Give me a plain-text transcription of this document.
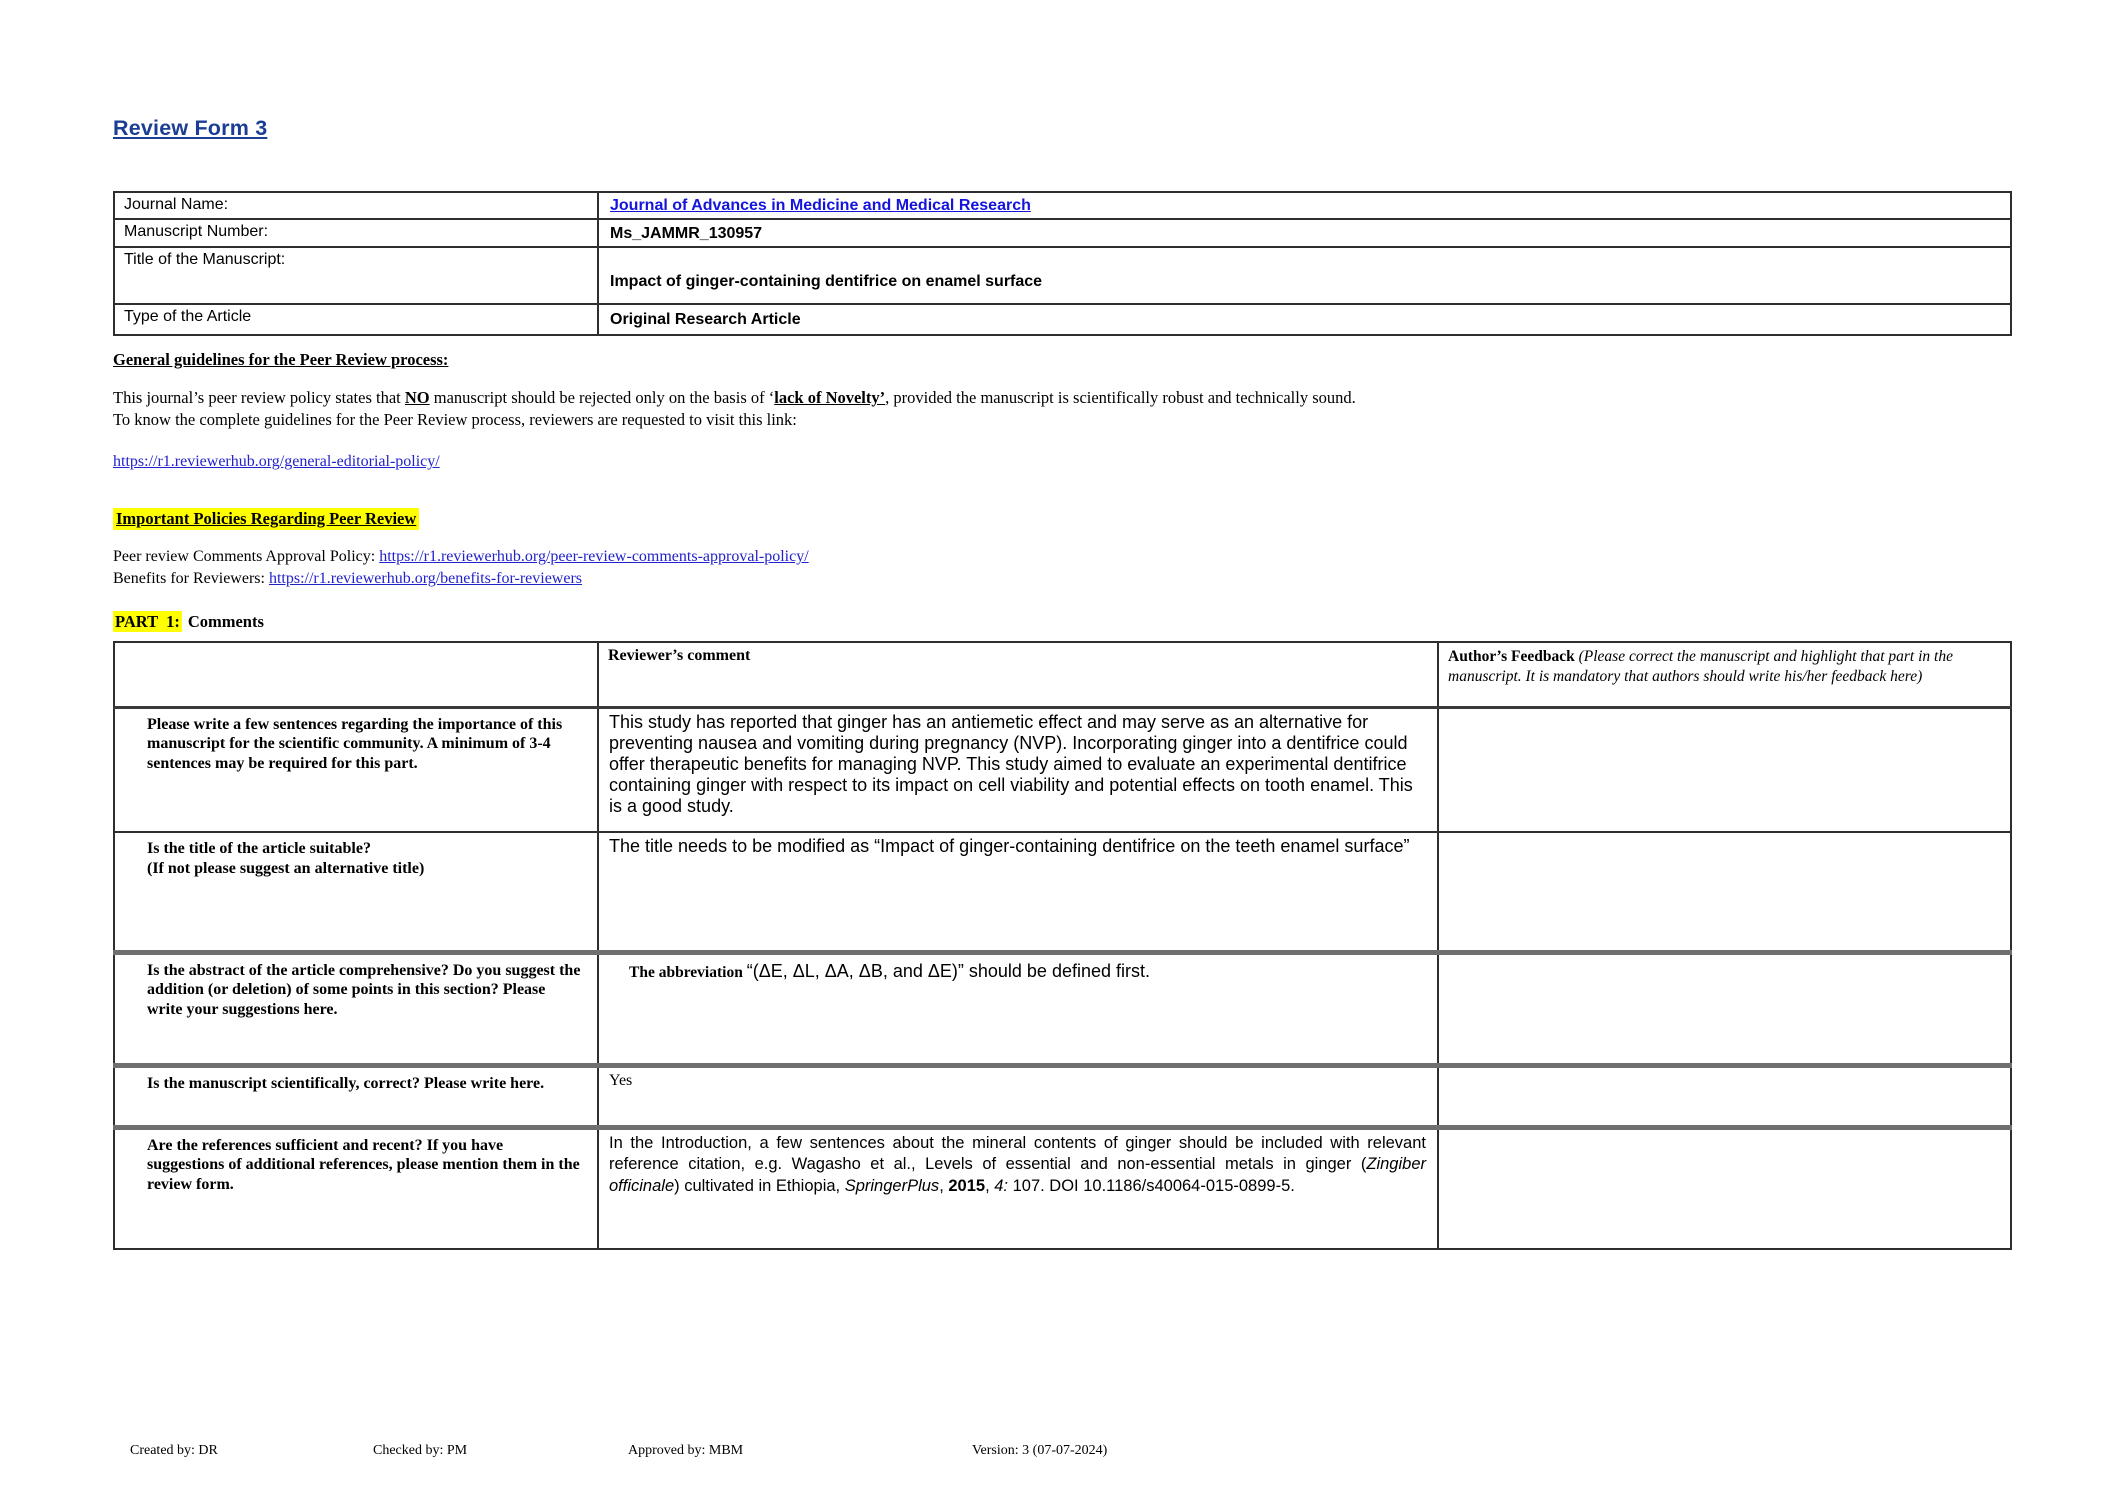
Review Form 3
Journal Name:	Journal of Advances in Medicine and Medical Research
Manuscript Number:	Ms_JAMMR_130957
Title of the Manuscript:	Impact of ginger-containing dentifrice on enamel surface
Type of the Article	Original Research Article
General guidelines for the Peer Review process:
This journal’s peer review policy states that NO manuscript should be rejected only on the basis of ‘lack of Novelty’, provided the manuscript is scientifically robust and technically sound.
To know the complete guidelines for the Peer Review process, reviewers are requested to visit this link:
https://r1.reviewerhub.org/general-editorial-policy/
Important Policies Regarding Peer Review
Peer review Comments Approval Policy: https://r1.reviewerhub.org/peer-review-comments-approval-policy/
Benefits for Reviewers: https://r1.reviewerhub.org/benefits-for-reviewers
PART  1: Comments
	Reviewer’s comment	Author’s Feedback (Please correct the manuscript and highlight that part in the manuscript. It is mandatory that authors should write his/her feedback here)
Please write a few sentences regarding the importance of this manuscript for the scientific community. A minimum of 3-4 sentences may be required for this part.	This study has reported that ginger has an antiemetic effect and may serve as an alternative for preventing nausea and vomiting during pregnancy (NVP). Incorporating ginger into a dentifrice could offer therapeutic benefits for managing NVP. This study aimed to evaluate an experimental dentifrice containing ginger with respect to its impact on cell viability and potential effects on tooth enamel. This is a good study.	

Is the title of the article suitable?
(If not please suggest an alternative title)	The title needs to be modified as “Impact of ginger-containing dentifrice on the teeth enamel surface”	
Is the abstract of the article comprehensive? Do you suggest the addition (or deletion) of some points in this section? Please write your suggestions here.	The abbreviation “(ΔE, ΔL, ΔA, ΔB, and ΔE)” should be defined first.	
Is the manuscript scientifically, correct? Please write here.	Yes	
Are the references sufficient and recent? If you have suggestions of additional references, please mention them in the review form.	In the Introduction, a few sentences about the mineral contents of ginger should be included with relevant reference citation, e.g. Wagasho et al., Levels of essential and non-essential metals in ginger (Zingiber officinale) cultivated in Ethiopia, SpringerPlus, 2015, 4: 107. DOI 10.1186/s40064-015-0899-5.	
Created by: DR	Checked by: PM	Approved by: MBM	Version: 3 (07-07-2024)
